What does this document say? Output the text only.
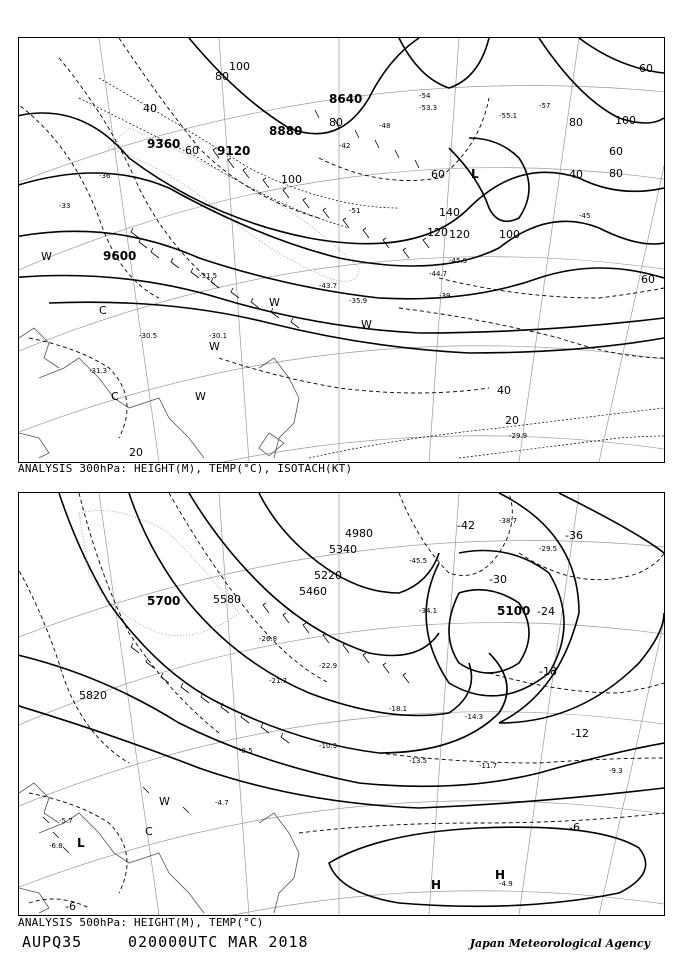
9360	9120
8880
8640
9600
40
60
80
100
100
80
60
40
20
60
80	100
120
140
60
40
20
60
80
100
120
-33
-36
-39
-42
-45
-48
-51
-54
-57
-30.1
-31.5
-29.9
-45.9
-35.9
-30.5
-31.3
-43.7
-44.7
-53.3
-55.1
W
C
W
C	W
L
W
W
ANALYSIS 300hPa: HEIGHT(M), TEMP(°C), ISOTACH(KT)
5700	5580
5460
5340
5220
5100
4980
5820
-42
-36
-30
-24
-18
-12
-6
-6
-4.9
-9.3
-11.7
-14.3
-18.1
-22.9
-26.8
-34.1
-45.5
-4.7
-5.7
-6.8
-8.5
-10.3
-13.5
-21.7
-29.5
-38.7
H
H
C
W
L
ANALYSIS 500hPa: HEIGHT(M), TEMP(°C)
AUPQ35	020000UTC MAR 2018	Japan Meteorological Agency
